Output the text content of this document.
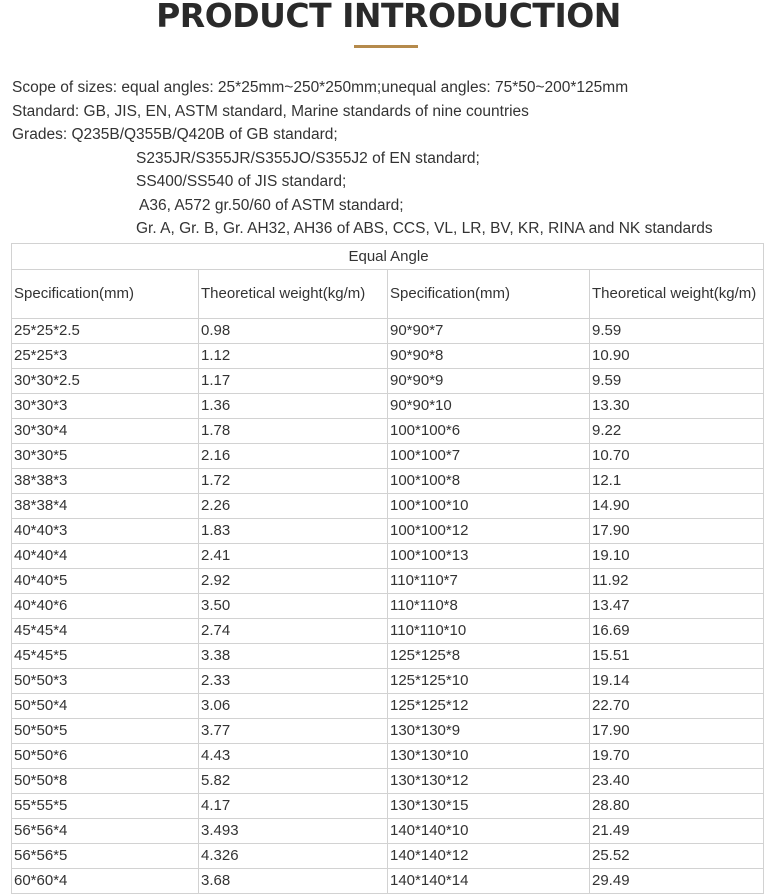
PRODUCT INTRODUCTION
Scope of sizes: equal angles: 25*25mm~250*250mm;unequal angles: 75*50~200*125mm
Standard: GB, JIS, EN, ASTM standard, Marine standards of nine countries
Grades: Q235B/Q355B/Q420B of GB standard;
S235JR/S355JR/S355JO/S355J2 of EN standard;
SS400/SS540 of JIS standard;
A36, A572 gr.50/60 of ASTM standard;
Gr. A, Gr. B, Gr. AH32, AH36 of ABS, CCS, VL, LR, BV, KR, RINA and NK standards
Equal Angle			
Specification(mm)	Theoretical weight(kg/m)	Specification(mm)	Theoretical weight(kg/m)
25*25*2.5	0.98	90*90*7	9.59
25*25*3	1.12	90*90*8	10.90
30*30*2.5	1.17	90*90*9	9.59
30*30*3	1.36	90*90*10	13.30
30*30*4	1.78	100*100*6	9.22
30*30*5	2.16	100*100*7	10.70
38*38*3	1.72	100*100*8	12.1
38*38*4	2.26	100*100*10	14.90
40*40*3	1.83	100*100*12	17.90
40*40*4	2.41	100*100*13	19.10
40*40*5	2.92	110*110*7	11.92
40*40*6	3.50	110*110*8	13.47
45*45*4	2.74	110*110*10	16.69
45*45*5	3.38	125*125*8	15.51
50*50*3	2.33	125*125*10	19.14
50*50*4	3.06	125*125*12	22.70
50*50*5	3.77	130*130*9	17.90
50*50*6	4.43	130*130*10	19.70
50*50*8	5.82	130*130*12	23.40
55*55*5	4.17	130*130*15	28.80
56*56*4	3.493	140*140*10	21.49
56*56*5	4.326	140*140*12	25.52
60*60*4	3.68	140*140*14	29.49
